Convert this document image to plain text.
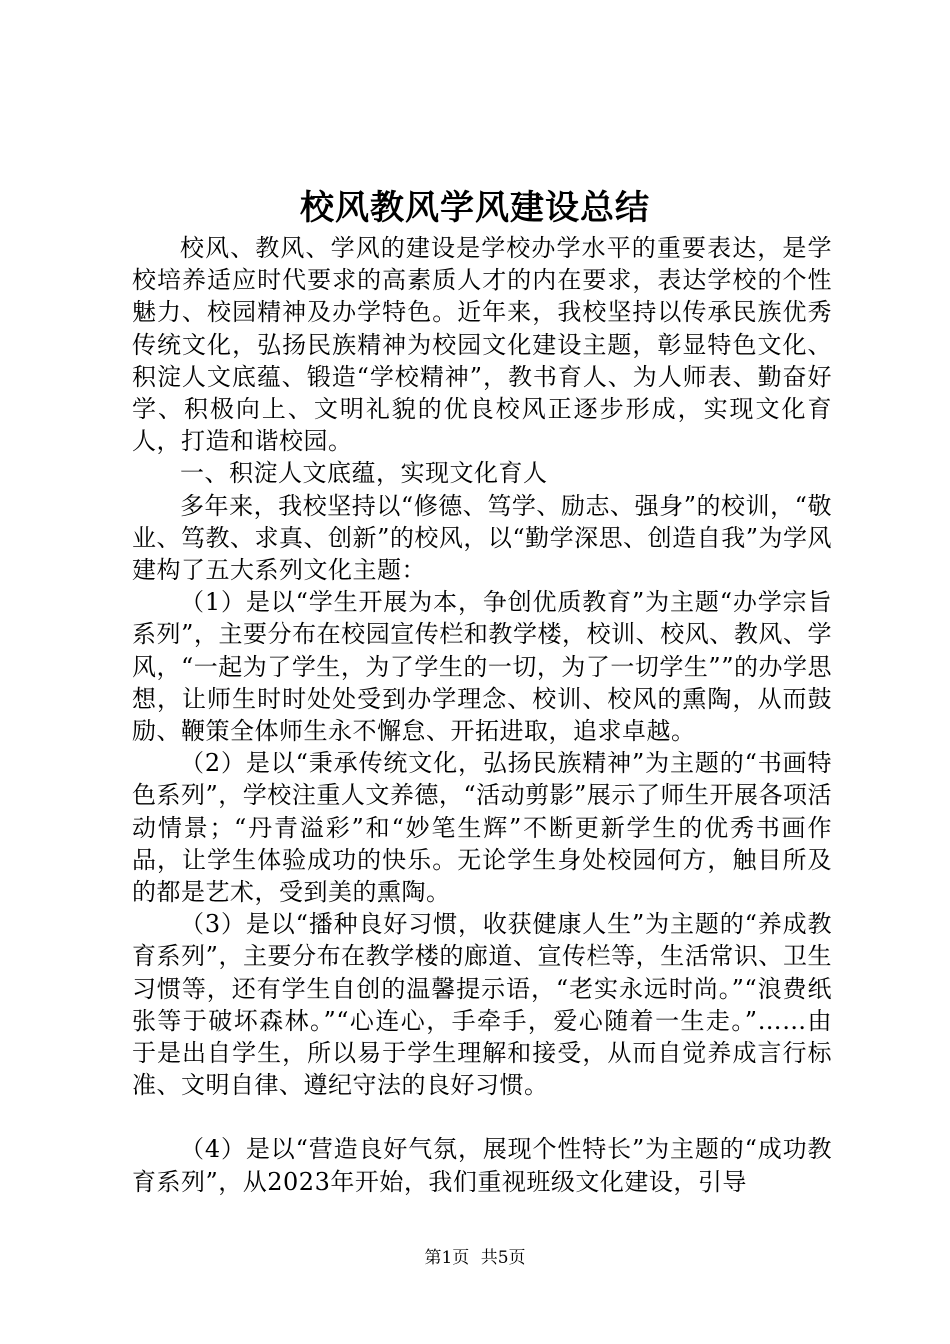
校风教风学风建设总结

校风、教风、学风的建设是学校办学水平的重要表达，是学校培养适应时代要求的高素质人才的内在要求，表达学校的个性魅力、校园精神及办学特色。近年来，我校坚持以传承民族优秀传统文化，弘扬民族精神为校园文化建设主题，彰显特色文化、积淀人文底蕴、锻造“学校精神”，教书育人、为人师表、勤奋好学、积极向上、文明礼貌的优良校风正逐步形成，实现文化育人，打造和谐校园。

一、积淀人文底蕴，实现文化育人

多年来，我校坚持以“修德、笃学、励志、强身”的校训，“敬业、笃教、求真、创新”的校风，以“勤学深思、创造自我”为学风建构了五大系列文化主题：

（1）是以“学生开展为本，争创优质教育”为主题“办学宗旨系列”，主要分布在校园宣传栏和教学楼，校训、校风、教风、学风，“一起为了学生，为了学生的一切，为了一切学生””的办学思想，让师生时时处处受到办学理念、校训、校风的熏陶，从而鼓励、鞭策全体师生永不懈怠、开拓进取，追求卓越。

（2）是以“秉承传统文化，弘扬民族精神”为主题的“书画特色系列”，学校注重人文养德，“活动剪影”展示了师生开展各项活动情景；“丹青溢彩”和“妙笔生辉”不断更新学生的优秀书画作品，让学生体验成功的快乐。无论学生身处校园何方，触目所及的都是艺术，受到美的熏陶。

（3）是以“播种良好习惯，收获健康人生”为主题的“养成教育系列”，主要分布在教学楼的廊道、宣传栏等，生活常识、卫生习惯等，还有学生自创的温馨提示语，“老实永远时尚。”“浪费纸张等于破坏森林。”“心连心，手牵手，爱心随着一生走。”……由于是出自学生，所以易于学生理解和接受，从而自觉养成言行标准、文明自律、遵纪守法的良好习惯。

（4）是以“营造良好气氛，展现个性特长”为主题的“成功教育系列”，从2023年开始，我们重视班级文化建设，引导

第1页 共5页
